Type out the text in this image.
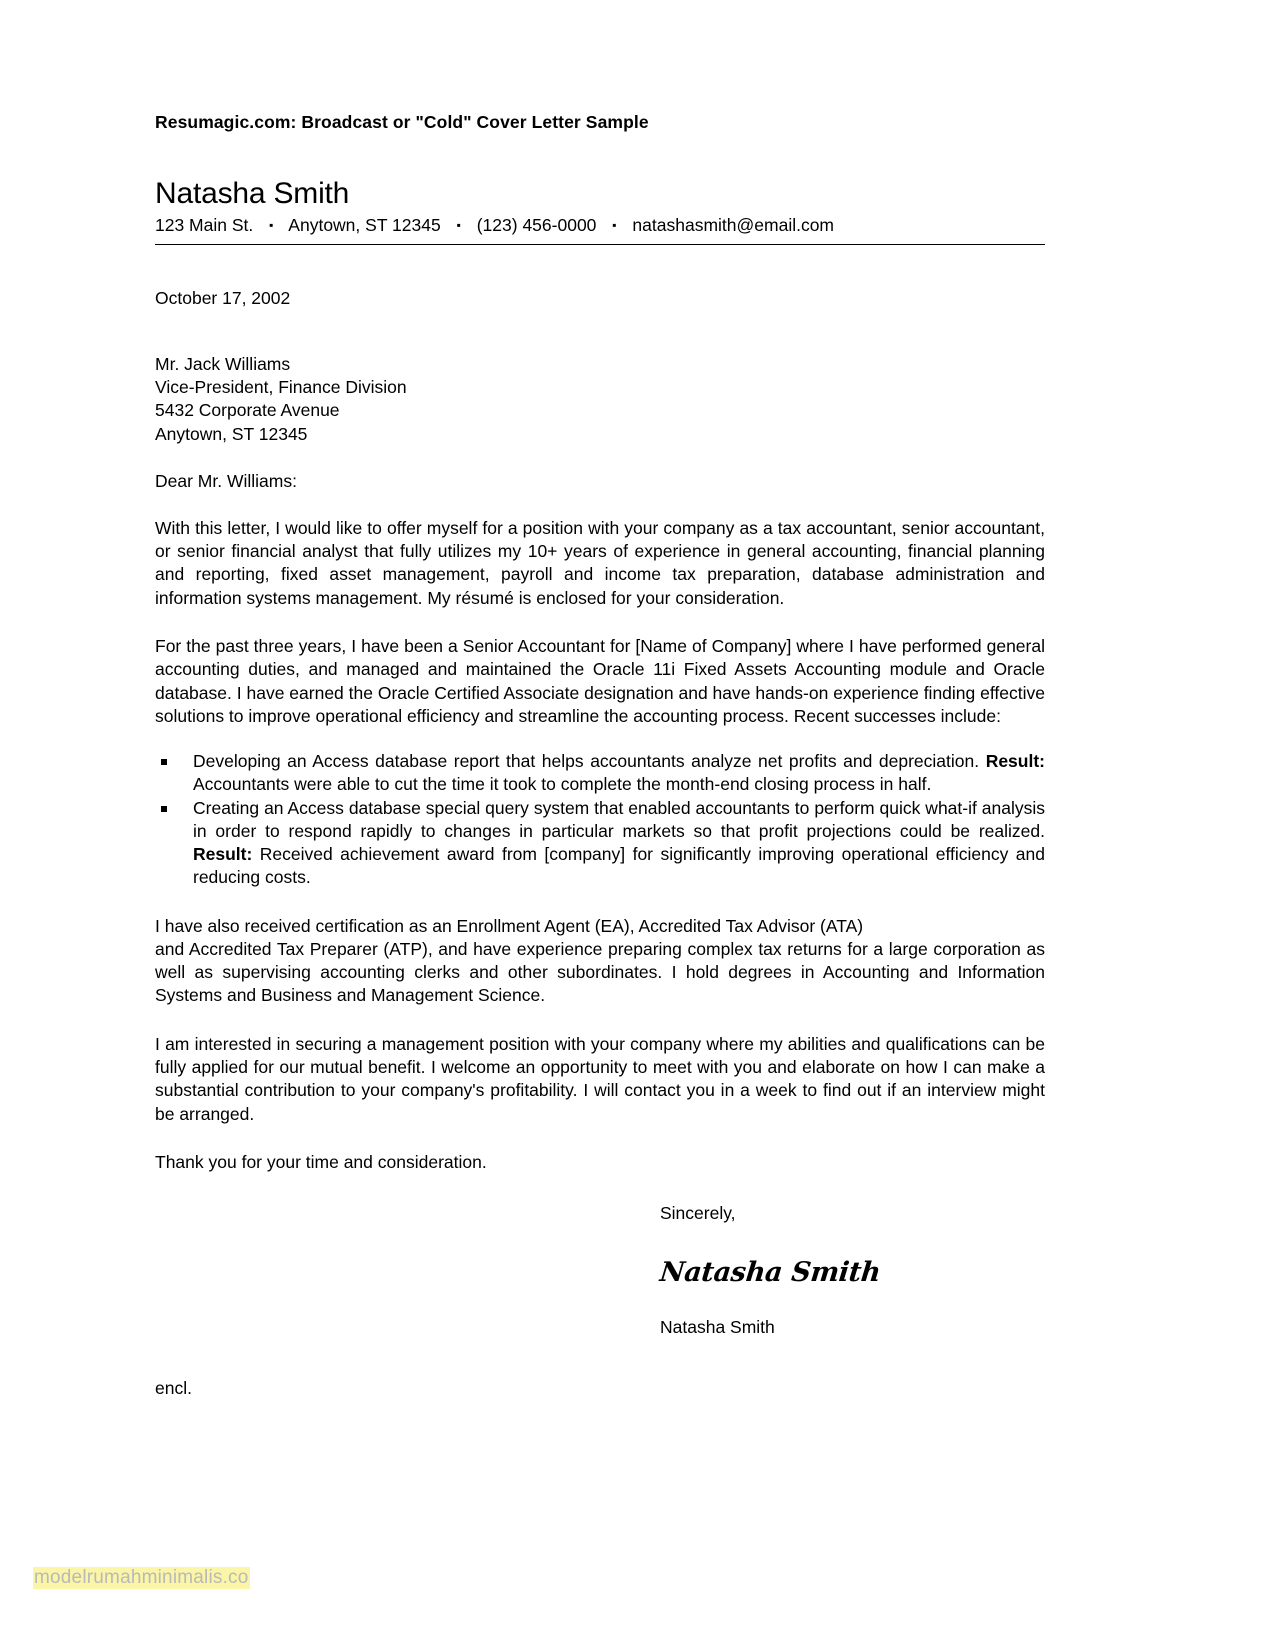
Resumagic.com: Broadcast or "Cold" Cover Letter Sample
Natasha Smith
123 Main St. ▪ Anytown, ST 12345 ▪ (123) 456-0000 ▪ natashasmith@email.com
October 17, 2002
Mr. Jack Williams
Vice-President, Finance Division
5432 Corporate Avenue
Anytown, ST 12345
Dear Mr. Williams:

With this letter, I would like to offer myself for a position with your company as a tax accountant, senior accountant, or senior financial analyst that fully utilizes my 10+ years of experience in general accounting, financial planning and reporting, fixed asset management, payroll and income tax preparation, database administration and information systems management. My résumé is enclosed for your consideration.

For the past three years, I have been a Senior Accountant for [Name of Company] where I have performed general accounting duties, and managed and maintained the Oracle 11i Fixed Assets Accounting module and Oracle database. I have earned the Oracle Certified Associate designation and have hands-on experience finding effective solutions to improve operational efficiency and streamline the accounting process. Recent successes include:

Developing an Access database report that helps accountants analyze net profits and depreciation. Result: Accountants were able to cut the time it took to complete the month-end closing process in half.
Creating an Access database special query system that enabled accountants to perform quick what-if analysis in order to respond rapidly to changes in particular markets so that profit projections could be realized. Result: Received achievement award from [company] for significantly improving operational efficiency and reducing costs.

I have also received certification as an Enrollment Agent (EA), Accredited Tax Advisor (ATA)

and Accredited Tax Preparer (ATP), and have experience preparing complex tax returns for a large corporation as well as supervising accounting clerks and other subordinates. I hold degrees in Accounting and Information Systems and Business and Management Science.

I am interested in securing a management position with your company where my abilities and qualifications can be fully applied for our mutual benefit. I welcome an opportunity to meet with you and elaborate on how I can make a substantial contribution to your company's profitability. I will contact you in a week to find out if an interview might be arranged.

Thank you for your time and consideration.

Sincerely,
Natasha Smith
Natasha Smith
encl.
modelrumahminimalis.co
